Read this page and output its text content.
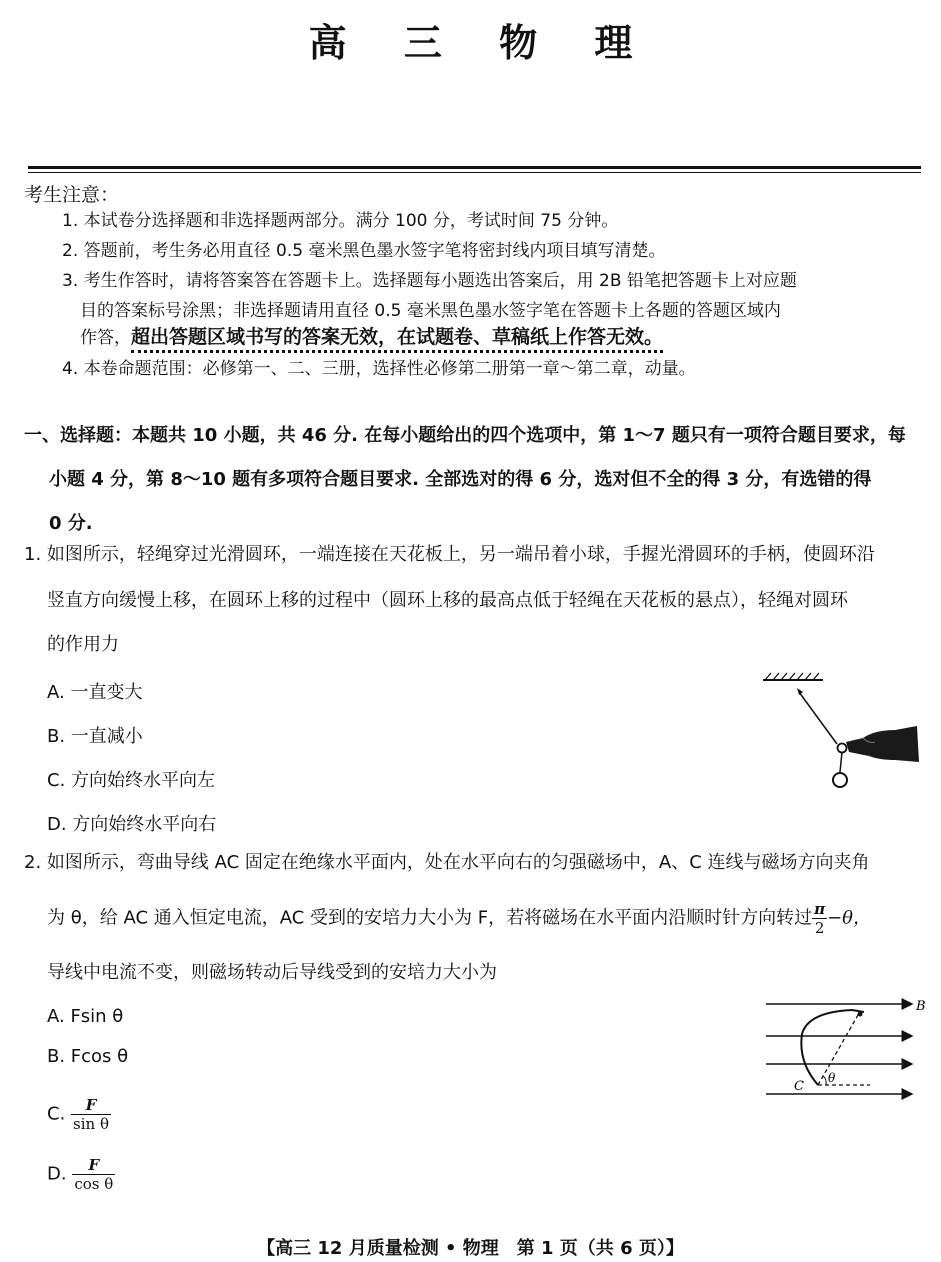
高 三 物 理
考生注意：
1. 本试卷分选择题和非选择题两部分。满分 100 分，考试时间 75 分钟。
2. 答题前，考生务必用直径 0.5 毫米黑色墨水签字笔将密封线内项目填写清楚。
3. 考生作答时，请将答案答在答题卡上。选择题每小题选出答案后，用 2B 铅笔把答题卡上对应题
目的答案标号涂黑；非选择题请用直径 0.5 毫米黑色墨水签字笔在答题卡上各题的答题区域内
作答，超出答题区域书写的答案无效，在试题卷、草稿纸上作答无效。
4. 本卷命题范围：必修第一、二、三册，选择性必修第二册第一章～第二章，动量。
一、选择题：本题共 10 小题，共 46 分. 在每小题给出的四个选项中，第 1～7 题只有一项符合题目要求，每
小题 4 分，第 8～10 题有多项符合题目要求. 全部选对的得 6 分，选对但不全的得 3 分，有选错的得
0 分.
1. 如图所示，轻绳穿过光滑圆环，一端连接在天花板上，另一端吊着小球，手握光滑圆环的手柄，使圆环沿
竖直方向缓慢上移，在圆环上移的过程中（圆环上移的最高点低于轻绳在天花板的悬点），轻绳对圆环
的作用力
A. 一直变大
B. 一直减小
C. 方向始终水平向左
D. 方向始终水平向右
2. 如图所示，弯曲导线 AC 固定在绝缘水平面内，处在水平向右的匀强磁场中，A、C 连线与磁场方向夹角
为 θ，给 AC 通入恒定电流，AC 受到的安培力大小为 F，若将磁场在水平面内沿顺时针方向转过 $\frac{\pi}{2} -\theta$，
导线中电流不变，则磁场转动后导线受到的安培力大小为
A. Fsin θ
B. Fcos θ
C. $\frac{F}{\text{sin θ}}$
D. $\frac{F}{\text{cos θ}}$
B
C
θ
【高三 12 月质量检测 • 物理　第 1 页（共 6 页）】
